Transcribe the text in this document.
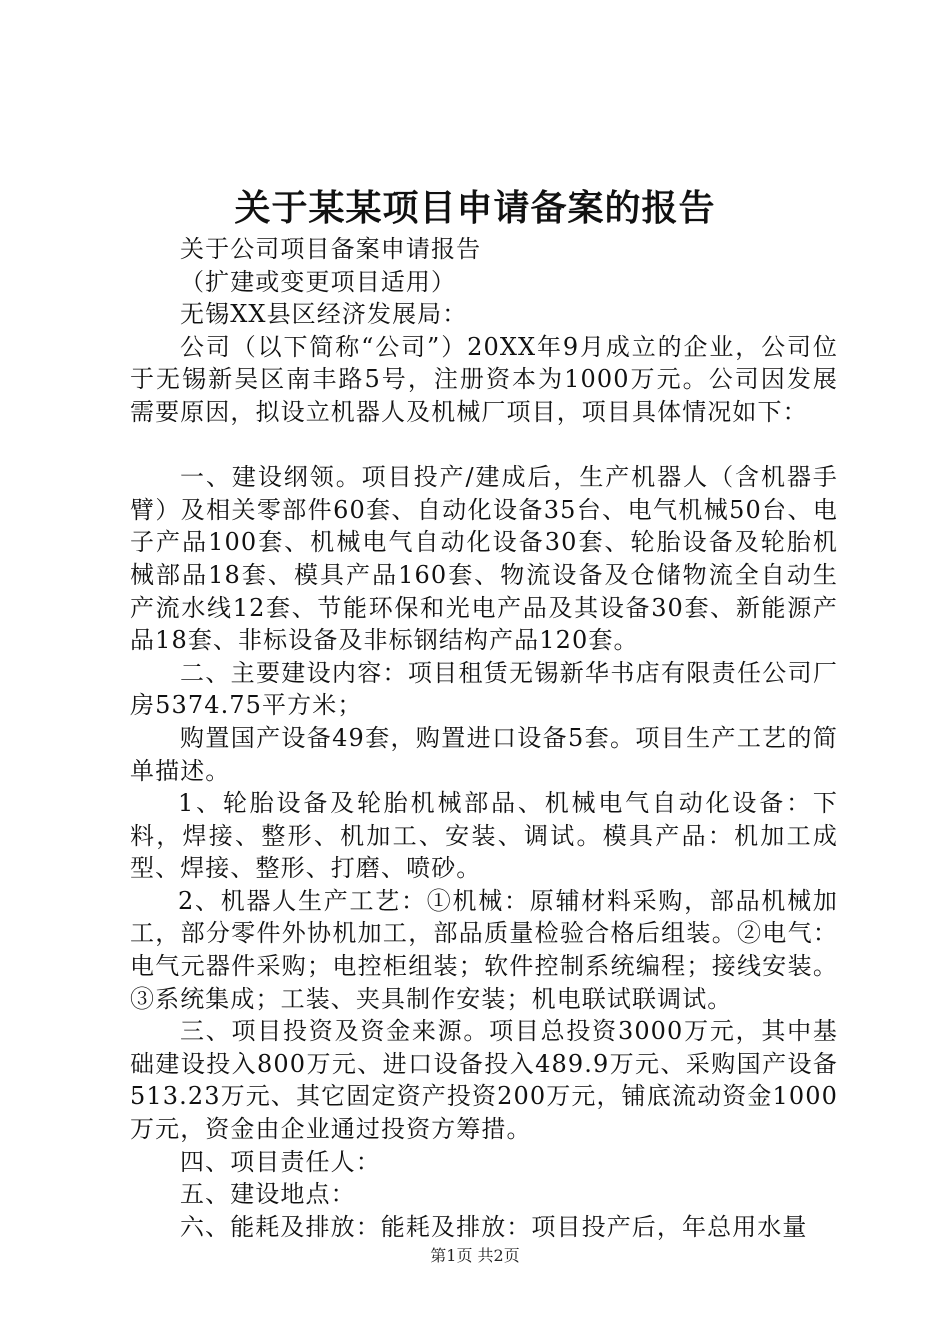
关于某某项目申请备案的报告

关于公司项目备案申请报告

（扩建或变更项目适用）

无锡XX县区经济发展局：

公司（以下简称“公司”）20XX年9月成立的企业，公司位于无锡新吴区南丰路5号，注册资本为1000万元。公司因发展需要原因，拟设立机器人及机械厂项目，项目具体情况如下：

一、建设纲领。项目投产/建成后，生产机器人（含机器手臂）及相关零部件60套、自动化设备35台、电气机械50台、电子产品100套、机械电气自动化设备30套、轮胎设备及轮胎机械部品18套、模具产品160套、物流设备及仓储物流全自动生产流水线12套、节能环保和光电产品及其设备30套、新能源产品18套、非标设备及非标钢结构产品120套。

二、主要建设内容：项目租赁无锡新华书店有限责任公司厂房5374.75平方米；

购置国产设备49套，购置进口设备5套。项目生产工艺的简单描述。

1、轮胎设备及轮胎机械部品、机械电气自动化设备：下料，焊接、整形、机加工、安装、调试。模具产品：机加工成型、焊接、整形、打磨、喷砂。

2、机器人生产工艺：①机械：原辅材料采购，部品机械加工，部分零件外协机加工，部品质量检验合格后组装。②电气：电气元器件采购；电控柜组装；软件控制系统编程；接线安装。③系统集成；工装、夹具制作安装；机电联试联调试。

三、项目投资及资金来源。项目总投资3000万元，其中基础建设投入800万元、进口设备投入489.9万元、采购国产设备513.23万元、其它固定资产投资200万元，铺底流动资金1000万元，资金由企业通过投资方筹措。

四、项目责任人：

五、建设地点：

六、能耗及排放：能耗及排放：项目投产后，年总用水量

第1页 共2页
